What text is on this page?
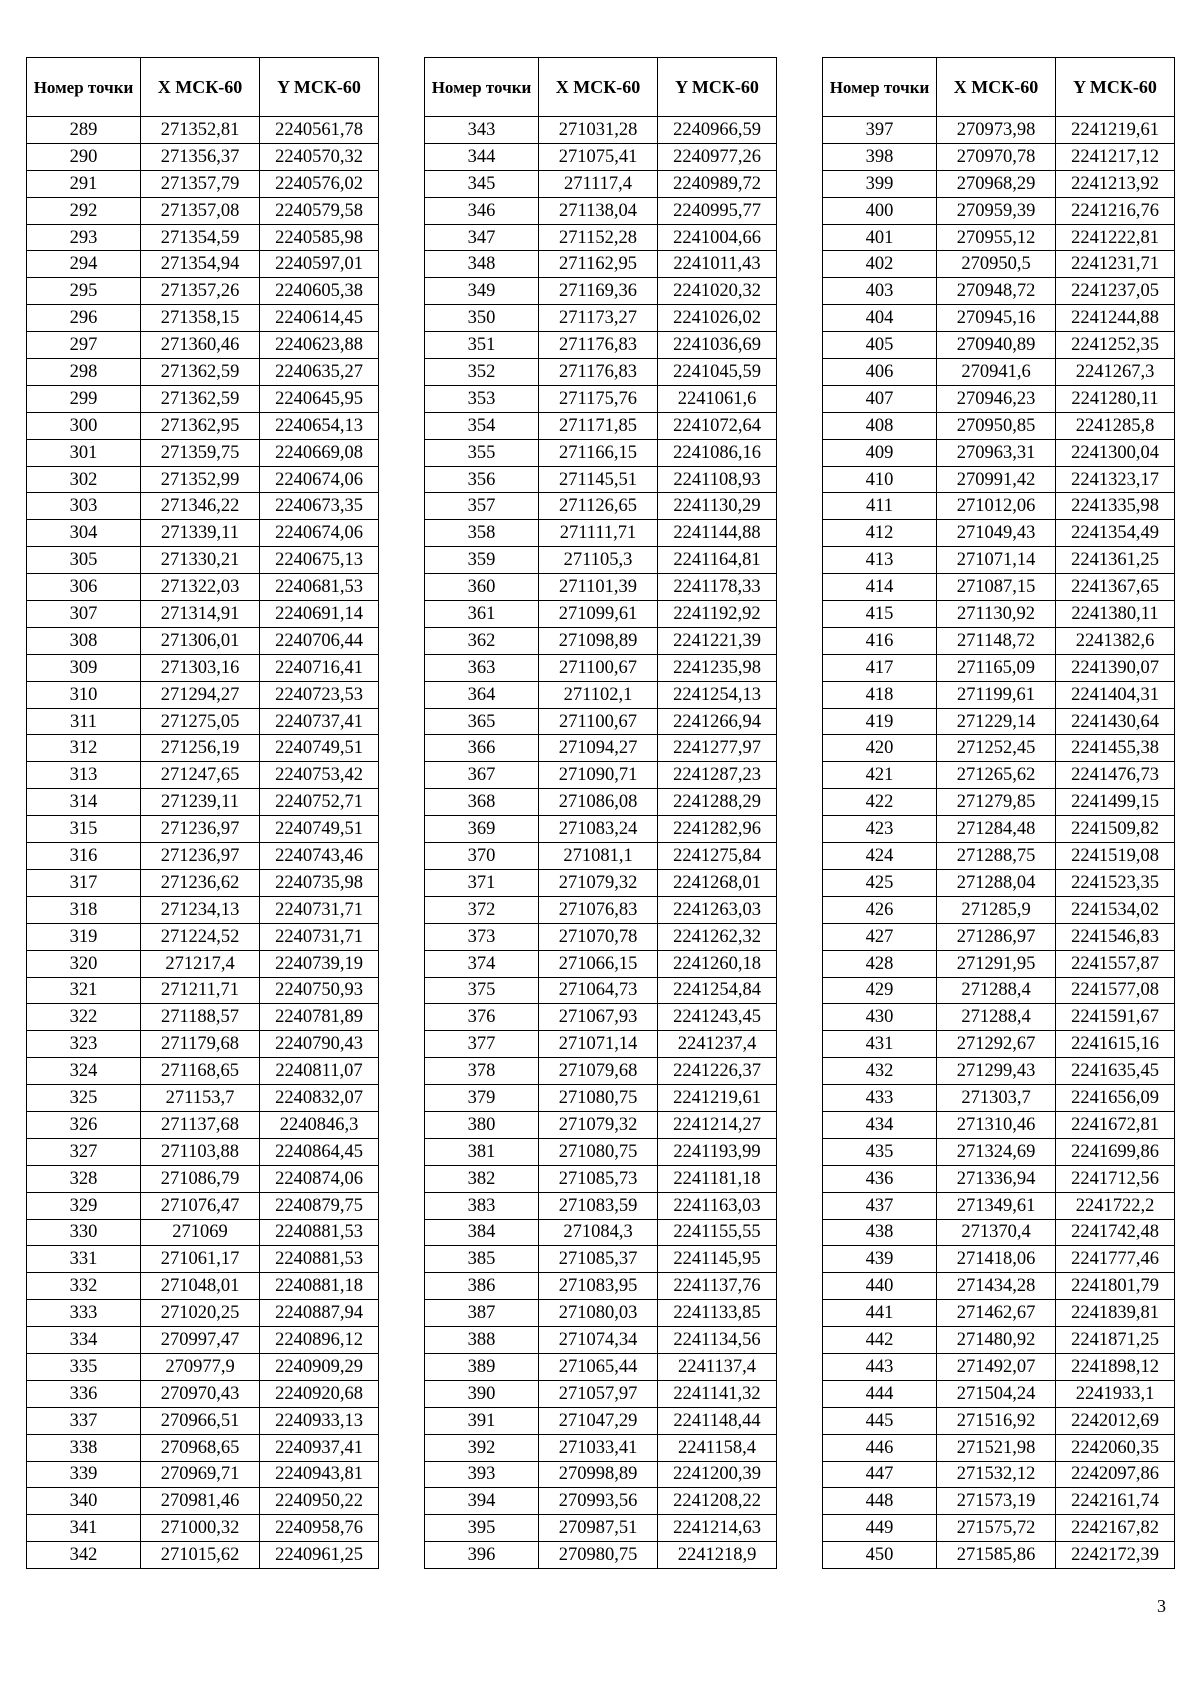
Номер точки	X МСК-60	Y МСК-60
289	271352,81	2240561,78
290	271356,37	2240570,32
291	271357,79	2240576,02
292	271357,08	2240579,58
293	271354,59	2240585,98
294	271354,94	2240597,01
295	271357,26	2240605,38
296	271358,15	2240614,45
297	271360,46	2240623,88
298	271362,59	2240635,27
299	271362,59	2240645,95
300	271362,95	2240654,13
301	271359,75	2240669,08
302	271352,99	2240674,06
303	271346,22	2240673,35
304	271339,11	2240674,06
305	271330,21	2240675,13
306	271322,03	2240681,53
307	271314,91	2240691,14
308	271306,01	2240706,44
309	271303,16	2240716,41
310	271294,27	2240723,53
311	271275,05	2240737,41
312	271256,19	2240749,51
313	271247,65	2240753,42
314	271239,11	2240752,71
315	271236,97	2240749,51
316	271236,97	2240743,46
317	271236,62	2240735,98
318	271234,13	2240731,71
319	271224,52	2240731,71
320	271217,4	2240739,19
321	271211,71	2240750,93
322	271188,57	2240781,89
323	271179,68	2240790,43
324	271168,65	2240811,07
325	271153,7	2240832,07
326	271137,68	2240846,3
327	271103,88	2240864,45
328	271086,79	2240874,06
329	271076,47	2240879,75
330	271069	2240881,53
331	271061,17	2240881,53
332	271048,01	2240881,18
333	271020,25	2240887,94
334	270997,47	2240896,12
335	270977,9	2240909,29
336	270970,43	2240920,68
337	270966,51	2240933,13
338	270968,65	2240937,41
339	270969,71	2240943,81
340	270981,46	2240950,22
341	271000,32	2240958,76
342	271015,62	2240961,25
Номер точки	X МСК-60	Y МСК-60
343	271031,28	2240966,59
344	271075,41	2240977,26
345	271117,4	2240989,72
346	271138,04	2240995,77
347	271152,28	2241004,66
348	271162,95	2241011,43
349	271169,36	2241020,32
350	271173,27	2241026,02
351	271176,83	2241036,69
352	271176,83	2241045,59
353	271175,76	2241061,6
354	271171,85	2241072,64
355	271166,15	2241086,16
356	271145,51	2241108,93
357	271126,65	2241130,29
358	271111,71	2241144,88
359	271105,3	2241164,81
360	271101,39	2241178,33
361	271099,61	2241192,92
362	271098,89	2241221,39
363	271100,67	2241235,98
364	271102,1	2241254,13
365	271100,67	2241266,94
366	271094,27	2241277,97
367	271090,71	2241287,23
368	271086,08	2241288,29
369	271083,24	2241282,96
370	271081,1	2241275,84
371	271079,32	2241268,01
372	271076,83	2241263,03
373	271070,78	2241262,32
374	271066,15	2241260,18
375	271064,73	2241254,84
376	271067,93	2241243,45
377	271071,14	2241237,4
378	271079,68	2241226,37
379	271080,75	2241219,61
380	271079,32	2241214,27
381	271080,75	2241193,99
382	271085,73	2241181,18
383	271083,59	2241163,03
384	271084,3	2241155,55
385	271085,37	2241145,95
386	271083,95	2241137,76
387	271080,03	2241133,85
388	271074,34	2241134,56
389	271065,44	2241137,4
390	271057,97	2241141,32
391	271047,29	2241148,44
392	271033,41	2241158,4
393	270998,89	2241200,39
394	270993,56	2241208,22
395	270987,51	2241214,63
396	270980,75	2241218,9
Номер точки	X МСК-60	Y МСК-60
397	270973,98	2241219,61
398	270970,78	2241217,12
399	270968,29	2241213,92
400	270959,39	2241216,76
401	270955,12	2241222,81
402	270950,5	2241231,71
403	270948,72	2241237,05
404	270945,16	2241244,88
405	270940,89	2241252,35
406	270941,6	2241267,3
407	270946,23	2241280,11
408	270950,85	2241285,8
409	270963,31	2241300,04
410	270991,42	2241323,17
411	271012,06	2241335,98
412	271049,43	2241354,49
413	271071,14	2241361,25
414	271087,15	2241367,65
415	271130,92	2241380,11
416	271148,72	2241382,6
417	271165,09	2241390,07
418	271199,61	2241404,31
419	271229,14	2241430,64
420	271252,45	2241455,38
421	271265,62	2241476,73
422	271279,85	2241499,15
423	271284,48	2241509,82
424	271288,75	2241519,08
425	271288,04	2241523,35
426	271285,9	2241534,02
427	271286,97	2241546,83
428	271291,95	2241557,87
429	271288,4	2241577,08
430	271288,4	2241591,67
431	271292,67	2241615,16
432	271299,43	2241635,45
433	271303,7	2241656,09
434	271310,46	2241672,81
435	271324,69	2241699,86
436	271336,94	2241712,56
437	271349,61	2241722,2
438	271370,4	2241742,48
439	271418,06	2241777,46
440	271434,28	2241801,79
441	271462,67	2241839,81
442	271480,92	2241871,25
443	271492,07	2241898,12
444	271504,24	2241933,1
445	271516,92	2242012,69
446	271521,98	2242060,35
447	271532,12	2242097,86
448	271573,19	2242161,74
449	271575,72	2242167,82
450	271585,86	2242172,39
3
